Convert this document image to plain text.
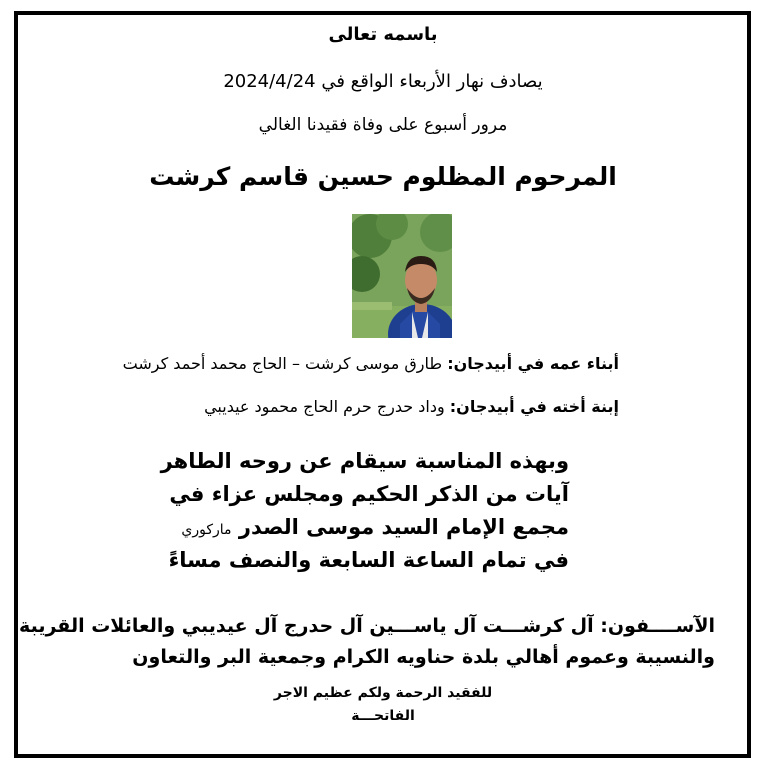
باسمه تعالى
يصادف نهار الأربعاء الواقع في 2024/4/24
مرور أسبوع على وفاة فقيدنا الغالي
المرحوم المظلوم حسين قاسم كرشت
أبناء عمه في أبيدجان: طارق موسى كرشت – الحاج محمد أحمد كرشت
إبنة أخته في أبيدجان: وداد حدرج حرم الحاج محمود عيديبي
وبهذه المناسبة سيقام عن روحه الطاهر
آيات من الذكر الحكيم ومجلس عزاء في
مجمع الإمام السيد موسى الصدر ماركوري
في تمام الساعة السابعة والنصف مساءً
الآســــفون: آل كرشـــت آل ياســـين آل حدرج آل عيديبي والعائلات القريبة
والنسيبة وعموم أهالي بلدة حناويه الكرام وجمعية البر والتعاون
للفقيد الرحمة ولكم عظيم الاجر
الفاتحـــة
